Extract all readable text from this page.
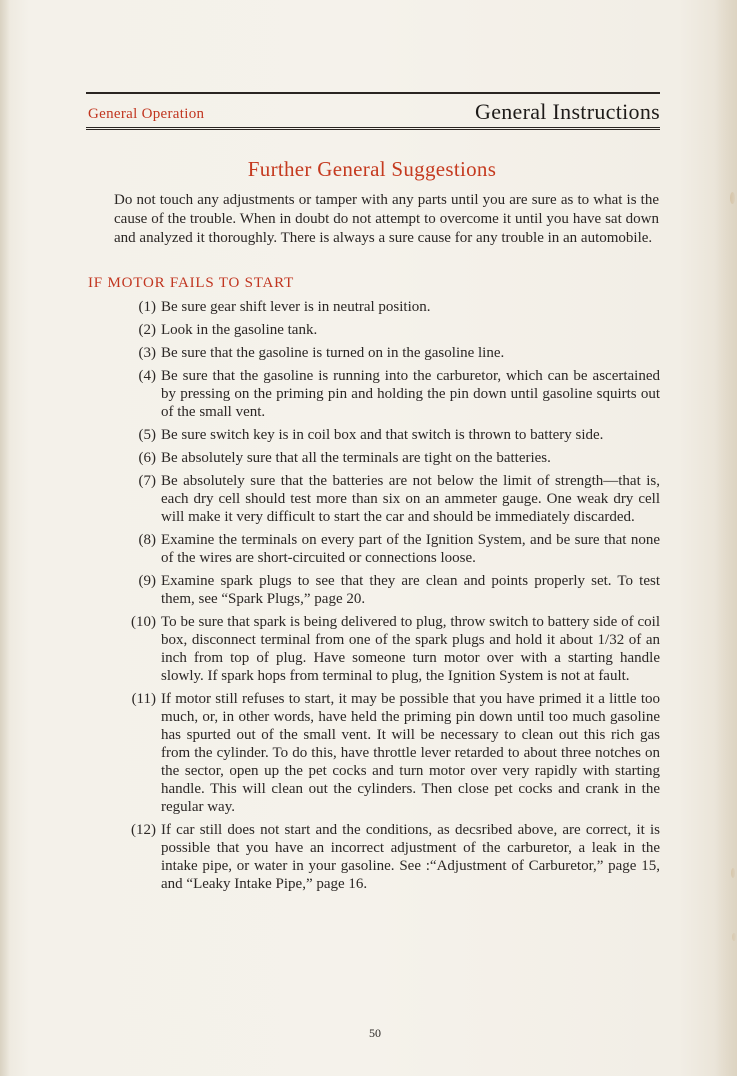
General Operation	General Instructions
Further General Suggestions

Do not touch any adjustments or tamper with any parts until you are sure as to what is the cause of the trouble. When in doubt do not attempt to overcome it until you have sat down and analyzed it thoroughly. There is always a sure cause for any trouble in an automobile.

IF MOTOR FAILS TO START
(1) Be sure gear shift lever is in neutral position.
(2) Look in the gasoline tank.
(3) Be sure that the gasoline is turned on in the gasoline line.
(4) Be sure that the gasoline is running into the carburetor, which can be ascertained by pressing on the priming pin and holding the pin down until gasoline squirts out of the small vent.
(5) Be sure switch key is in coil box and that switch is thrown to battery side.
(6) Be absolutely sure that all the terminals are tight on the batteries.
(7) Be absolutely sure that the batteries are not below the limit of strength—that is, each dry cell should test more than six on an ammeter gauge. One weak dry cell will make it very difficult to start the car and should be immediately discarded.
(8) Examine the terminals on every part of the Ignition System, and be sure that none of the wires are short-circuited or connections loose.
(9) Examine spark plugs to see that they are clean and points properly set. To test them, see “Spark Plugs,” page 20.
(10) To be sure that spark is being delivered to plug, throw switch to battery side of coil box, disconnect terminal from one of the spark plugs and hold it about 1/32 of an inch from top of plug. Have someone turn motor over with a starting handle slowly. If spark hops from terminal to plug, the Ignition System is not at fault.
(11) If motor still refuses to start, it may be possible that you have primed it a little too much, or, in other words, have held the priming pin down until too much gasoline has spurted out of the small vent. It will be necessary to clean out this rich gas from the cylinder. To do this, have throttle lever retarded to about three notches on the sector, open up the pet cocks and turn motor over very rapidly with starting handle. This will clean out the cylinders. Then close pet cocks and crank in the regular way.
(12) If car still does not start and the conditions, as decsribed above, are correct, it is possible that you have an incorrect adjustment of the carburetor, a leak in the intake pipe, or water in your gasoline. See :“Adjustment of Carburetor,” page 15, and “Leaky Intake Pipe,” page 16.
50
